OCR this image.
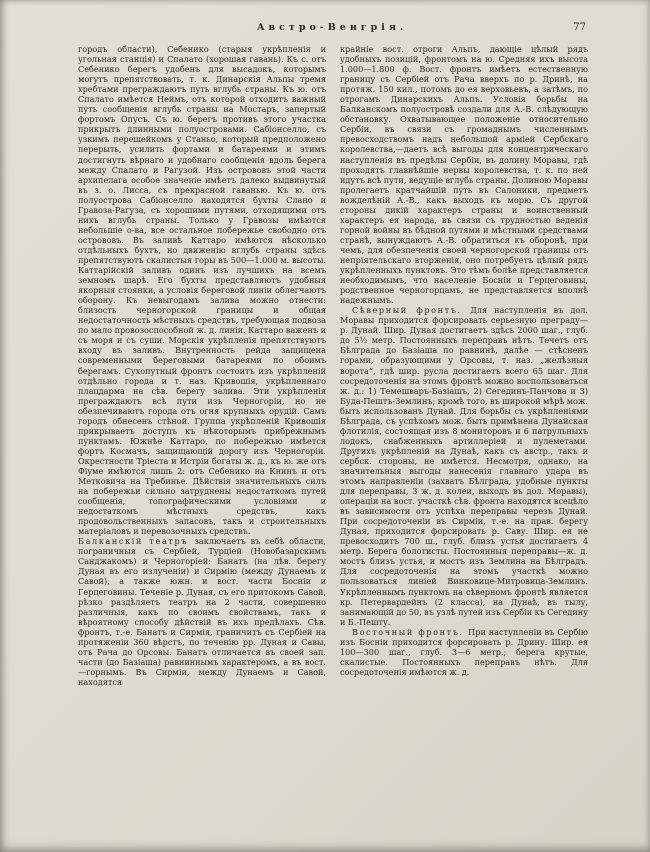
Австро-Венгрія.	77

городъ области), Себенико (старыя укрѣпленія и угольная станція) и Спалато (хорошая гавань). Къ с. отъ Себенико берегъ удобенъ для высадокъ, которымъ могутъ препятствовать, т. к. Динарскія Альпы тремя хребтами преграждаютъ путь вглубь страны. Къ ю. отъ Спалато имѣется Неймъ, отъ которой отходитъ важный путь сообщенія вглубь страны на Мостаръ, запертый фортомъ Опусъ. Съ ю. берегъ противъ этого участка прикрытъ длинными полуостровами. Сабіонселло, съ узкимъ перешейкомъ у Станьо, который предположено перерыть, усилить фортами и батареями и этимъ достигнуть вѣрнаго и удобнаго сообщенія вдоль берега между Спалато и Рагузой. Изъ острововъ этой части архипелага особое значеніе имѣетъ далеко выдвинутый въ з. о. Лисса, съ прекрасной гаванью. Къ ю. отъ полуострова Сабіонселло находятся бухты Слано и Гравоза-Рагуза, съ хорошими путями, отходящими отъ нихъ вглубь страны. Только у Гравозы имѣются небольшіе о-ва, все остальное побережье свободно отъ острововъ. Въ заливѣ Каттаро имѣются нѣсколько отдѣльныхъ бухтъ, но движенію вглубь страны здѣсь препятствуютъ скалистыя горы въ 500—1.000 м. высоты. Каттарійскій заливъ одинъ изъ лучшихъ на всемъ земномъ шарѣ. Его бухты представляютъ удобныя якорныя стоянки, а условія береговой линіи облегчаютъ оборону. Къ невыгодамъ залива можно отнести: близость черногорской границы и общая недостаточность мѣстныхъ средствъ, требующая подвоза по мало провозоспособной ж. д. линіи. Каттаро важенъ и съ моря и съ суши. Морскія укрѣпленія препятствуютъ входу въ заливъ. Внутренность рейда защищена современными береговыми батареями по обоимъ берегамъ. Сухопутный фронтъ состоитъ изъ укрѣпленій отдѣльно города и т. наз. Кривошія, укрѣпленнаго плацдарма на сѣв. берегу залива. Эти укрѣпленія преграждаютъ всѣ пути изъ Черногоріи, но не обезпечиваютъ города отъ огня крупныхъ орудій. Самъ городъ обнесенъ стѣной. Группа укрѣпленій Кривошія прикрываетъ доступъ къ нѣкоторымъ прибрежнымъ пунктамъ. Южнѣе Каттаро, по побережью имѣется фортъ Космачъ, защищающій дорогу изъ Черногоріи. Окрестности Тріеста и Истріи богаты ж. д., къ ю. же отъ Фіуме имѣются лишь 2: отъ Себенико на Книнъ и отъ Метковича на Требинье. Дѣйствія значительныхъ силъ на побережьи сильно затруднены недостаткомъ путей сообщенія, топографическими условіями и недостаткомъ мѣстныхъ средствъ, какъ продовольственныхъ запасовъ, такъ и строительныхъ матеріаловъ и перевозочныхъ средствъ.

Балканскій театръ заключаетъ въ себѣ области, пограничныя съ Сербіей, Турціей (Новобазарскимъ Санджакомъ) и Черногоріей: Банатъ (на лѣв. берегу Дуная въ его излученіи) и Сирмію (между Дунаемъ и Савой), а также южн. и вост. части Босніи и Герцеговины. Теченіе р. Дуная, съ его притокомъ Савой, рѣзко раздѣляетъ театръ на 2 части, совершенно различныя, какъ по своимъ свойствамъ, такъ и вѣроятному способу дѣйствій въ ихъ предѣлахъ. Сѣв. фронтъ, т.-е. Банатъ и Сирмія, граничитъ съ Сербіей на протяженіи 360 вѣрстъ, по теченію рр. Дуная и Савы, отъ Рача до Орсовы. Банатъ отличается въ своей зап. части (до Базіаша) равниннымъ характеромъ, а въ вост.—горнымъ. Въ Сирміи, между Дунаемъ и Савой, находятся

крайніе вост. отроги Альпъ, дающіе цѣлый рядъ удобныхъ позицій, фронтомъ на ю. Средняя ихъ высота 1.000—1.800 ф. Вост. фронтъ имѣетъ естественную границу съ Сербіей отъ Рача вверхъ по р. Дринѣ, на протяж. 150 кил., потомъ до ея верховьевъ, а затѣмъ, по отрогамъ Динарскихъ Альпъ. Условія борьбы на Балканскомъ полуостровѣ создали для А.-В. слѣдующую обстановку. Охватывающее положеніе относительно Сербіи, въ связи съ громаднымъ численнымъ превосходствомъ надъ небольшой арміей Сербскаго королевства,—даетъ всѣ выгоды для концентрическаго наступленія въ предѣлы Сербіи, въ долину Моравы, гдѣ проходятъ главнѣйшіе нервы королевства, т. к. по ней идутъ всѣ пути, ведущіе вглубь страны. Долиною Моравы пролегаетъ кратчайшій путь въ Салоники, предметъ вожделѣній А.-В., какъ выходъ къ морю. Съ другой стороны дикій характеръ страны и воинственный характеръ ея народа, въ связи съ трудностью веденія горной войны въ бѣдной путями и мѣстными средствами странѣ, вынуждаютъ А.-В. обратиться къ оборонѣ, при чемъ, для обезпеченія своей черногорской границы отъ непріятельскаго вторженія, оно потребуетъ цѣлый рядъ укрѣпленныхъ пунктовъ. Это тѣмъ болѣе представляется необходимымъ, что населеніе Босніи и Герцеговины, родственное черногорцамъ, не представляется вполнѣ надежнымъ.

Сѣверный фронтъ. Для наступленія въ дол. Моравы приходится форсировать серьезную преграду—р. Дунай. Шир. Дуная достигаетъ здѣсь 2000 шаг., глуб. до 5½ метр. Постоянныхъ переправъ нѣтъ. Течетъ отъ Бѣлграда до Базіаша по равнинѣ, далѣе — стѣсненъ горами, образующими у Орсовы, т. наз. „желѣзныя ворота“, гдѣ шир. русла достигаетъ всего 65 шаг. Для сосредоточенія на этомъ фронтѣ можно воспользоваться ж. д.: 1) Темешваръ-Базіашъ, 2) Сегединъ-Панчова и 3) Буда-Пештъ-Землинъ; кромѣ того, въ широкой мѣрѣ мож. быть использованъ Дунай. Для борьбы съ укрѣпленіями Бѣлграда, съ успѣхомъ мож. быть примѣнена Дунайская флотилія, состоящая изъ 8 мониторовъ и 6 патрульныхъ лодокъ, снабженныхъ артиллеріей и пулеметами. Другихъ укрѣпленій на Дунаѣ, какъ съ австр., такъ и сербск. стороны, не имѣется. Несмотря, однако, на значительныя выгоды нанесенія главнаго удара въ этомъ направленіи (захватъ Бѣлграда, удобные пункты для переправы, 3 ж. д. колеи, выходъ въ дол. Моравы), операціи на вост. участкѣ сѣв. фронта находятся всецѣло въ зависимости отъ успѣха переправы черезъ Дунай. При сосредоточеніи въ Сирміи, т.-е. на прав. берегу Дуная, приходится форсировать р. Саву. Шир. ея не превосходитъ 700 ш., глуб. близъ устья достигаетъ 4 метр. Берега болотисты. Постоянныя переправы—ж. д. мостъ близъ устья, и мостъ изъ Землина на Бѣлградъ. Для сосредоточенія на этомъ участкѣ можно пользоваться линіей Винковице-Митровица-Землинъ. Укрѣпленнымъ пунктомъ на сѣверномъ фронтѣ является кр. Петервардейнъ (2 класса), на Дунаѣ, въ тылу, занимающій до 50, въ узлѣ путей изъ Сербіи къ Сегедину и Б.-Пешту.

Восточный фронтъ. При наступленіи въ Сербію изъ Босніи приходится форсировать р. Дрину. Шир. ея 100—300 шаг., глуб. 3—6 метр.; берега крутые, скалистые. Постоянныхъ переправъ нѣтъ. Для сосредоточенія имѣются ж. д.
